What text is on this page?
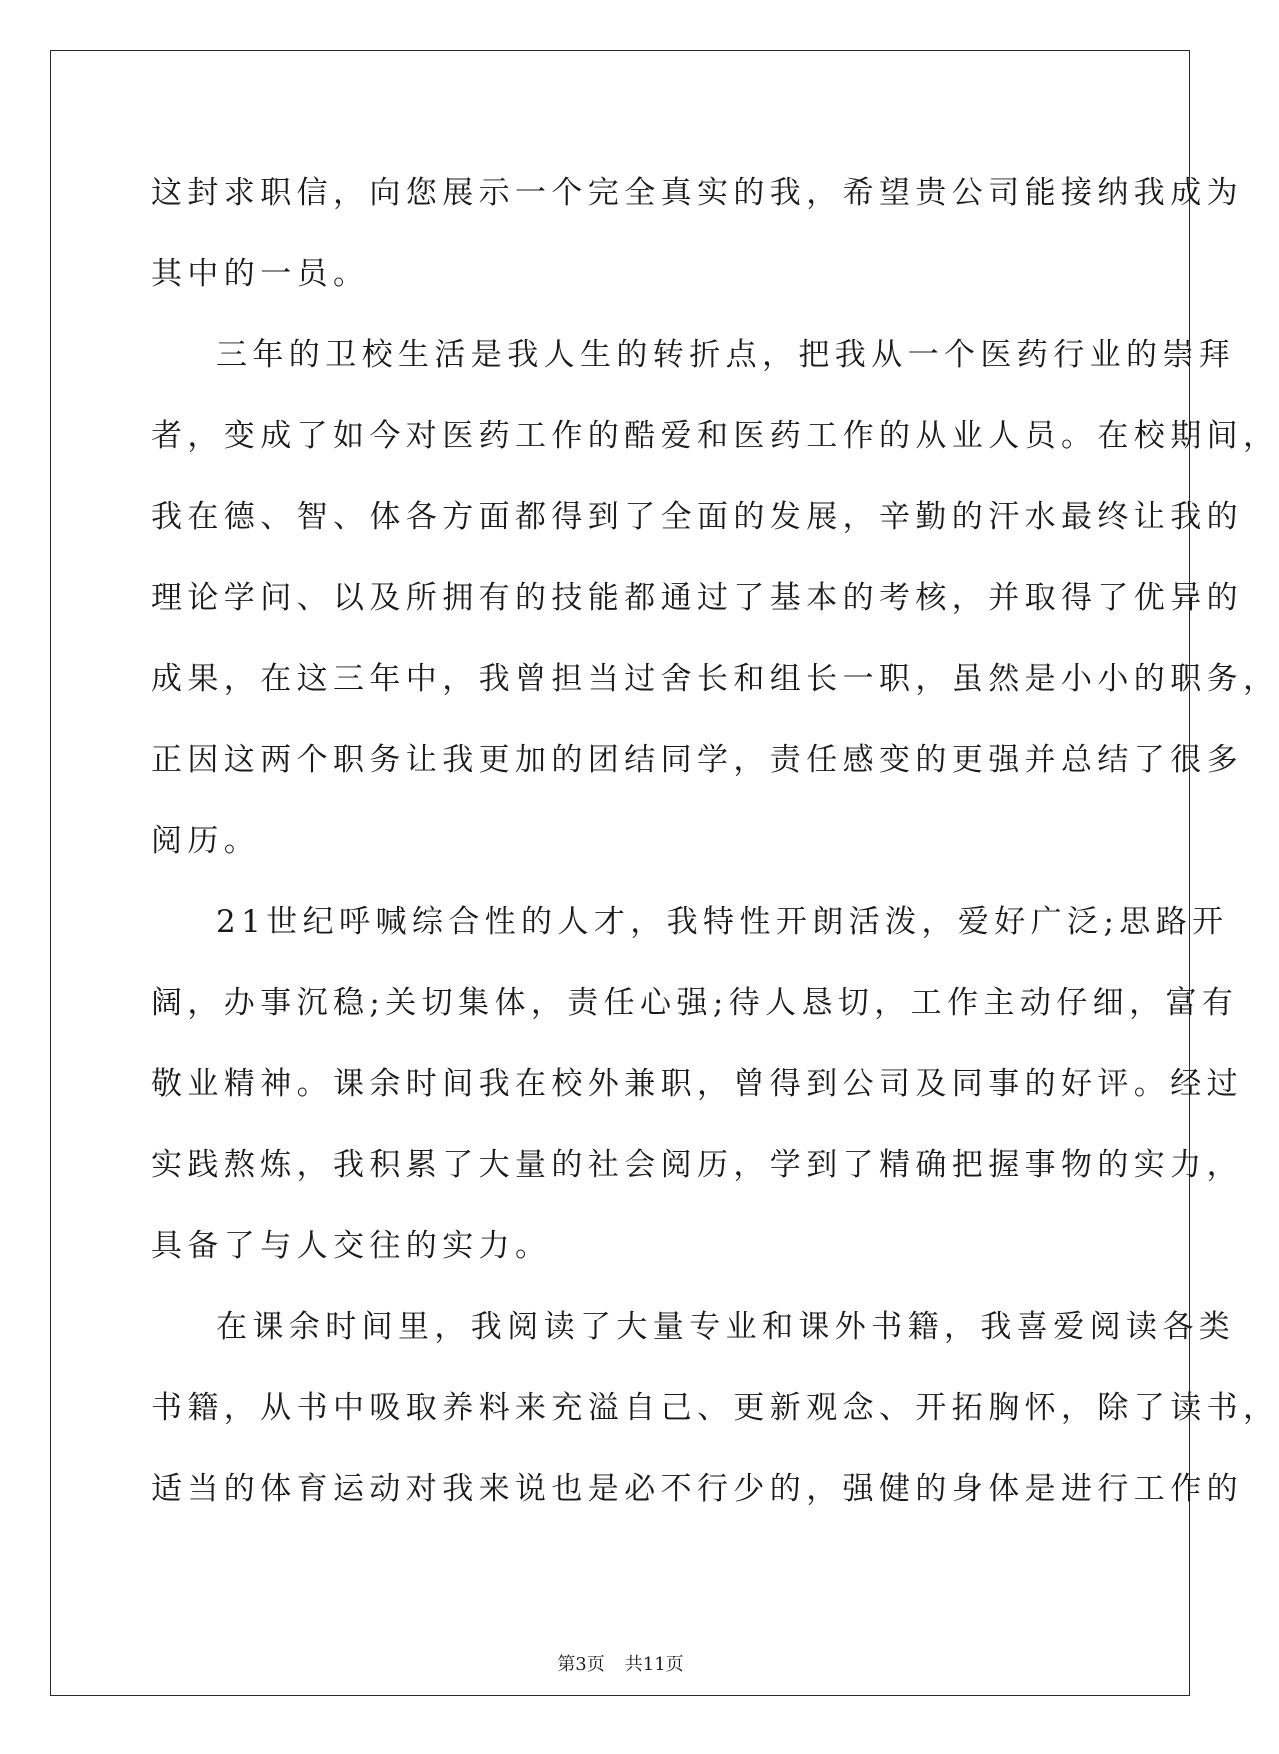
这封求职信，向您展示一个完全真实的我，希望贵公司能接纳我成为
其中的一员。
三年的卫校生活是我人生的转折点，把我从一个医药行业的崇拜
者，变成了如今对医药工作的酷爱和医药工作的从业人员。在校期间，
我在德、智、体各方面都得到了全面的发展，辛勤的汗水最终让我的
理论学问、以及所拥有的技能都通过了基本的考核，并取得了优异的
成果，在这三年中，我曾担当过舍长和组长一职，虽然是小小的职务，
正因这两个职务让我更加的团结同学，责任感变的更强并总结了很多
阅历。
21世纪呼喊综合性的人才，我特性开朗活泼，爱好广泛;思路开
阔，办事沉稳;关切集体，责任心强;待人恳切，工作主动仔细，富有
敬业精神。课余时间我在校外兼职，曾得到公司及同事的好评。经过
实践熬炼，我积累了大量的社会阅历，学到了精确把握事物的实力，
具备了与人交往的实力。
在课余时间里，我阅读了大量专业和课外书籍，我喜爱阅读各类
书籍，从书中吸取养料来充溢自己、更新观念、开拓胸怀，除了读书，
适当的体育运动对我来说也是必不行少的，强健的身体是进行工作的
第3页 共11页
